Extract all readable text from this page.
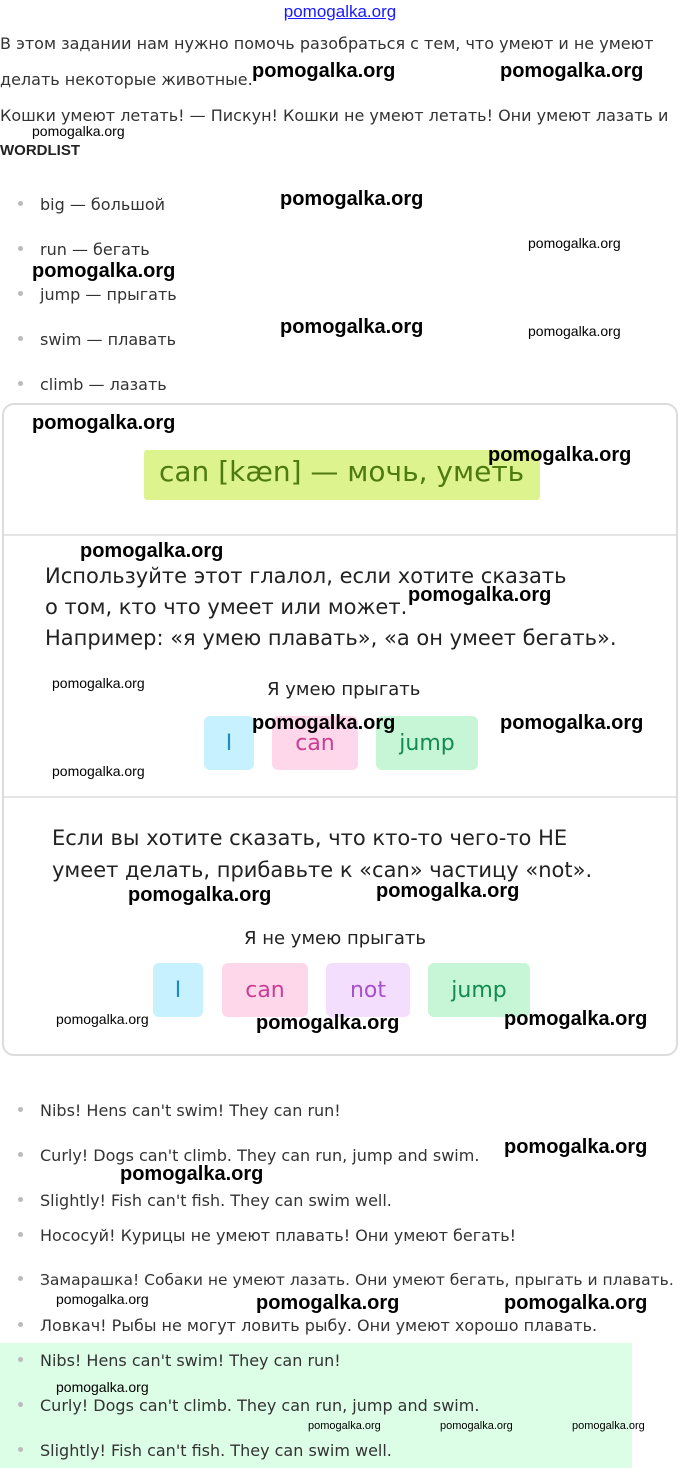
pomogalka.org
В этом задании нам нужно помочь разобраться с тем, что умеют и не умеют
делать некоторые животные.
Кошки умеют летать! — Пискун! Кошки не умеют летать! Они умеют лазать и
WORDLIST
big — большой
run — бегать
jump — прыгать
swim — плавать
climb — лазать
can [kæn] — мочь, уметь
Используйте этот глалол, если хотите сказать
о том, кто что умеет или может.
Например: «я умею плавать», «а он умеет бегать».
Я умею прыгать
I	can	jump
Если вы хотите сказать, что кто-то чего-то НЕ
умеет делать, прибавьте к «can» частицу «not».
Я не умею прыгать
I	can	not	jump
Nibs! Hens can't swim! They can run!
Curly! Dogs can't climb. They can run, jump and swim.
Slightly! Fish can't fish. They can swim well.
Нососуй! Курицы не умеют плавать! Они умеют бегать!
Замарашка! Собаки не умеют лазать. Они умеют бегать, прыгать и плавать.
Ловкач! Рыбы не могут ловить рыбу. Они умеют хорошо плавать.
Nibs! Hens can't swim! They can run!
Curly! Dogs can't climb. They can run, jump and swim.
Slightly! Fish can't fish. They can swim well.
pomogalka.org	pomogalka.org
pomogalka.org
pomogalka.org
pomogalka.org
pomogalka.org
pomogalka.org	pomogalka.org
pomogalka.org
pomogalka.org
pomogalka.org
pomogalka.org
pomogalka.org
pomogalka.org	pomogalka.org
pomogalka.org
pomogalka.org	pomogalka.org
pomogalka.org	pomogalka.org	pomogalka.org
pomogalka.org
pomogalka.org
pomogalka.org	pomogalka.org	pomogalka.org
pomogalka.org
pomogalka.org	pomogalka.org	pomogalka.org
